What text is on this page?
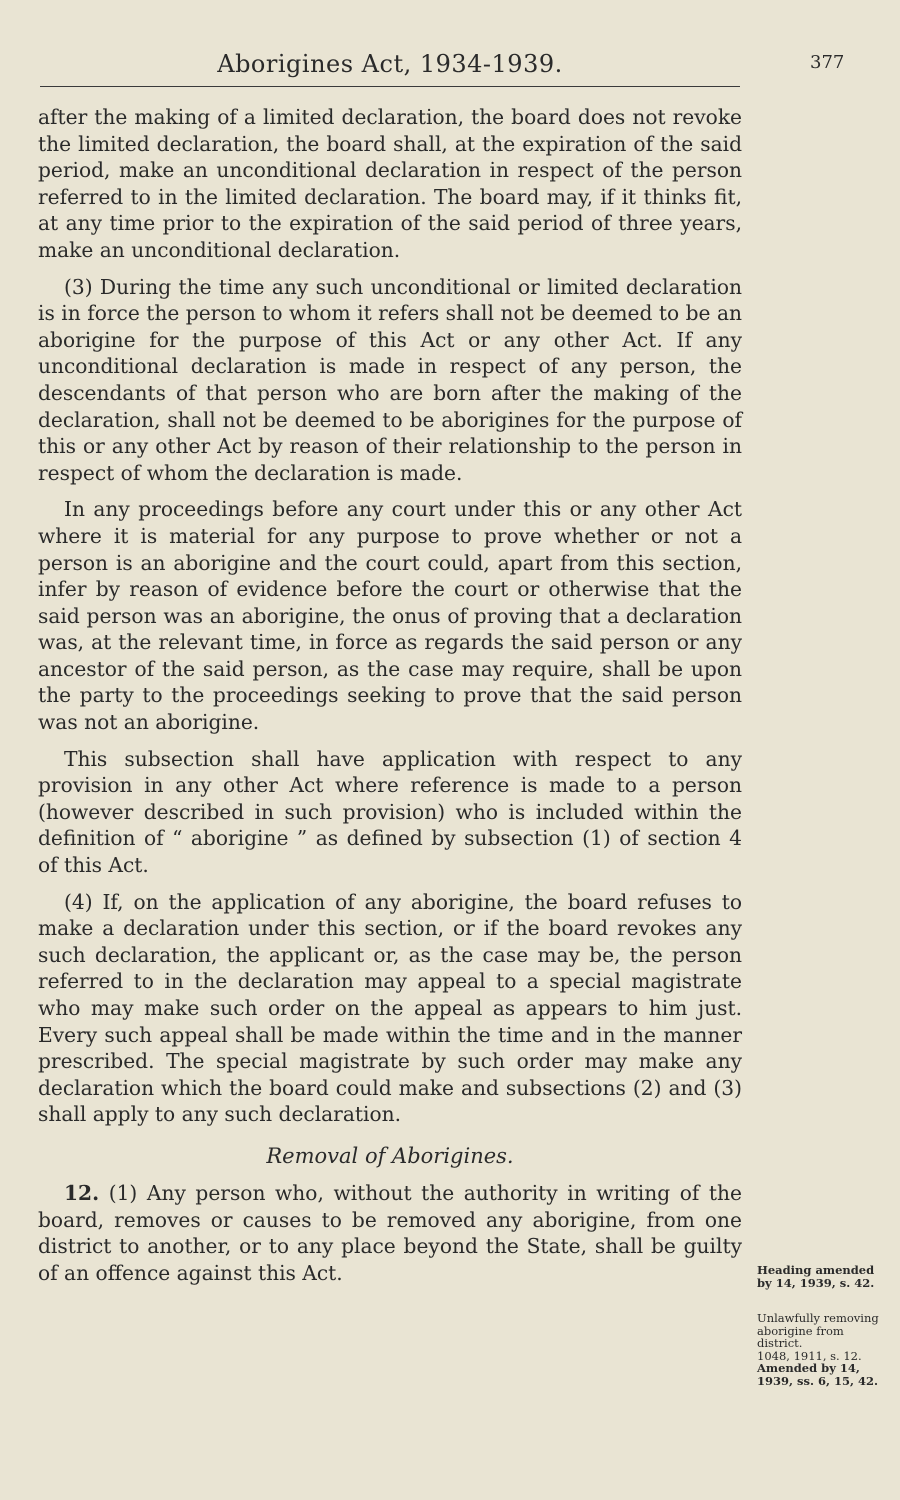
Aborigines Act, 1934-1939.	377

after the making of a limited declaration, the board does not revoke the limited declaration, the board shall, at the expiration of the said period, make an unconditional declaration in respect of the person referred to in the limited declaration. The board may, if it thinks fit, at any time prior to the expiration of the said period of three years, make an unconditional declaration.

(3) During the time any such unconditional or limited declaration is in force the person to whom it refers shall not be deemed to be an aborigine for the purpose of this Act or any other Act. If any unconditional declaration is made in respect of any person, the descendants of that person who are born after the making of the declaration, shall not be deemed to be aborigines for the purpose of this or any other Act by reason of their relationship to the person in respect of whom the declaration is made.

In any proceedings before any court under this or any other Act where it is material for any purpose to prove whether or not a person is an aborigine and the court could, apart from this section, infer by reason of evidence before the court or otherwise that the said person was an aborigine, the onus of proving that a declaration was, at the relevant time, in force as regards the said person or any ancestor of the said person, as the case may require, shall be upon the party to the proceedings seeking to prove that the said person was not an aborigine.

This subsection shall have application with respect to any provision in any other Act where reference is made to a person (however described in such provision) who is included within the definition of “ aborigine ” as defined by subsection (1) of section 4 of this Act.

(4) If, on the application of any aborigine, the board refuses to make a declaration under this section, or if the board revokes any such declaration, the applicant or, as the case may be, the person referred to in the declaration may appeal to a special magistrate who may make such order on the appeal as appears to him just. Every such appeal shall be made within the time and in the manner prescribed. The special magistrate by such order may make any declaration which the board could make and subsections (2) and (3) shall apply to any such declaration.

Removal of Aborigines.

12. (1) Any person who, without the authority in writing of the board, removes or causes to be removed any aborigine, from one district to another, or to any place beyond the State, shall be guilty of an offence against this Act.	Heading amended by 14, 1939, s. 42.
Unlawfully removing aborigine from district.
1048, 1911, s. 12.
Amended by 14, 1939, ss. 6, 15, 42.
